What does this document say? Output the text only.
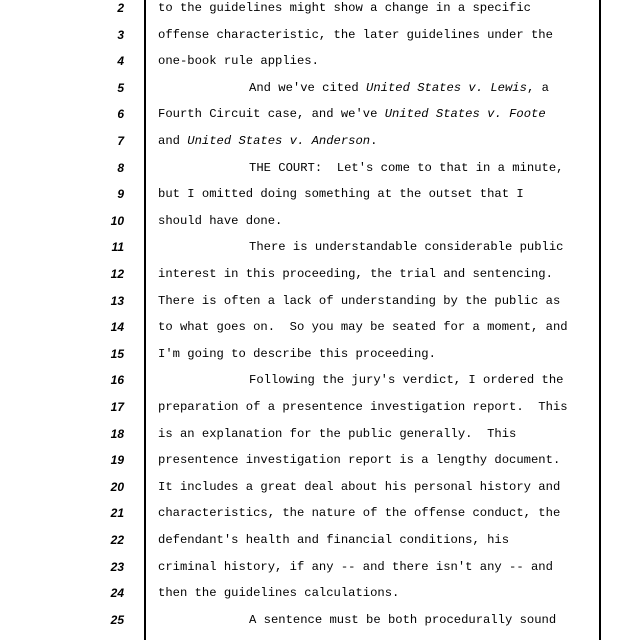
2	to the guidelines might show a change in a specific
3	offense characteristic, the later guidelines under the
4	one-book rule applies.
5	And we've cited United States v. Lewis, a
6	Fourth Circuit case, and we've United States v. Foote
7	and United States v. Anderson.
8	THE COURT:  Let's come to that in a minute,
9	but I omitted doing something at the outset that I
10	should have done.
11	There is understandable considerable public
12	interest in this proceeding, the trial and sentencing.
13	There is often a lack of understanding by the public as
14	to what goes on.  So you may be seated for a moment, and
15	I'm going to describe this proceeding.
16	Following the jury's verdict, I ordered the
17	preparation of a presentence investigation report.  This
18	is an explanation for the public generally.  This
19	presentence investigation report is a lengthy document.
20	It includes a great deal about his personal history and
21	characteristics, the nature of the offense conduct, the
22	defendant's health and financial conditions, his
23	criminal history, if any -- and there isn't any -- and
24	then the guidelines calculations.
25	A sentence must be both procedurally sound
